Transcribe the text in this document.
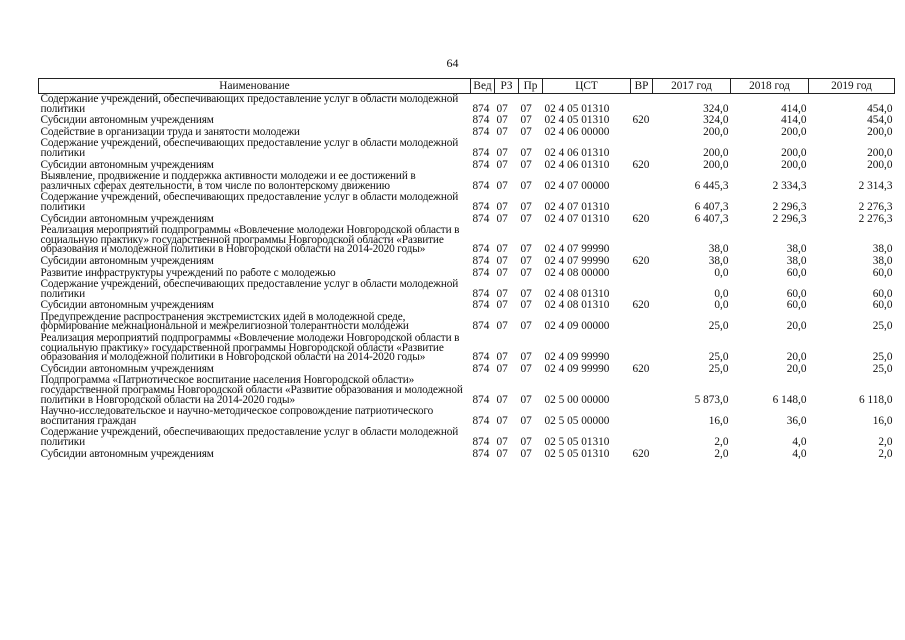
64
Наименование	Вед	РЗ	Пр	ЦСТ	ВР	2017 год	2018 год	2019 год
Содержание учреждений, обеспечивающих предоставление услуг в области молодежной политики	874	07	07	02 4 05 01310		324,0	414,0	454,0
Субсидии автономным учреждениям	874	07	07	02 4 05 01310	620	324,0	414,0	454,0
Содействие в организации труда и занятости молодежи	874	07	07	02 4 06 00000		200,0	200,0	200,0
Содержание учреждений, обеспечивающих предоставление услуг в области молодежной политики	874	07	07	02 4 06 01310		200,0	200,0	200,0
Субсидии автономным учреждениям	874	07	07	02 4 06 01310	620	200,0	200,0	200,0
Выявление, продвижение и поддержка активности молодежи и ее достижений в различных сферах деятельности, в том числе по волонтерскому движению	874	07	07	02 4 07 00000		6 445,3	2 334,3	2 314,3
Содержание учреждений, обеспечивающих предоставление услуг в области молодежной политики	874	07	07	02 4 07 01310		6 407,3	2 296,3	2 276,3
Субсидии автономным учреждениям	874	07	07	02 4 07 01310	620	6 407,3	2 296,3	2 276,3
Реализация мероприятий подпрограммы «Вовлечение молодежи Новгородской области в социальную практику» государственной программы Новгородской области «Развитие образования и молодежной политики в Новгородской области на 2014-2020 годы»	874	07	07	02 4 07 99990		38,0	38,0	38,0
Субсидии автономным учреждениям	874	07	07	02 4 07 99990	620	38,0	38,0	38,0
Развитие инфраструктуры учреждений по работе с молодежью	874	07	07	02 4 08 00000		0,0	60,0	60,0
Содержание учреждений, обеспечивающих предоставление услуг в области молодежной политики	874	07	07	02 4 08 01310		0,0	60,0	60,0
Субсидии автономным учреждениям	874	07	07	02 4 08 01310	620	0,0	60,0	60,0
Предупреждение распространения экстремистских идей в молодежной среде, формирование межнациональной и межрелигиозной толерантности молодежи	874	07	07	02 4 09 00000		25,0	20,0	25,0
Реализация мероприятий подпрограммы «Вовлечение молодежи Новгородской области в социальную практику» государственной программы Новгородской области «Развитие образования и молодежной политики в Новгородской области на 2014-2020 годы»	874	07	07	02 4 09 99990		25,0	20,0	25,0
Субсидии автономным учреждениям	874	07	07	02 4 09 99990	620	25,0	20,0	25,0
Подпрограмма «Патриотическое воспитание населения Новгородской области» государственной программы Новгородской области «Развитие образования и молодежной политики в Новгородской области на 2014-2020 годы»	874	07	07	02 5 00 00000		5 873,0	6 148,0	6 118,0
Научно-исследовательское и научно-методическое сопровождение патриотического воспитания граждан	874	07	07	02 5 05 00000		16,0	36,0	16,0
Содержание учреждений, обеспечивающих предоставление услуг в области молодежной политики	874	07	07	02 5 05 01310		2,0	4,0	2,0
Субсидии автономным учреждениям	874	07	07	02 5 05 01310	620	2,0	4,0	2,0
